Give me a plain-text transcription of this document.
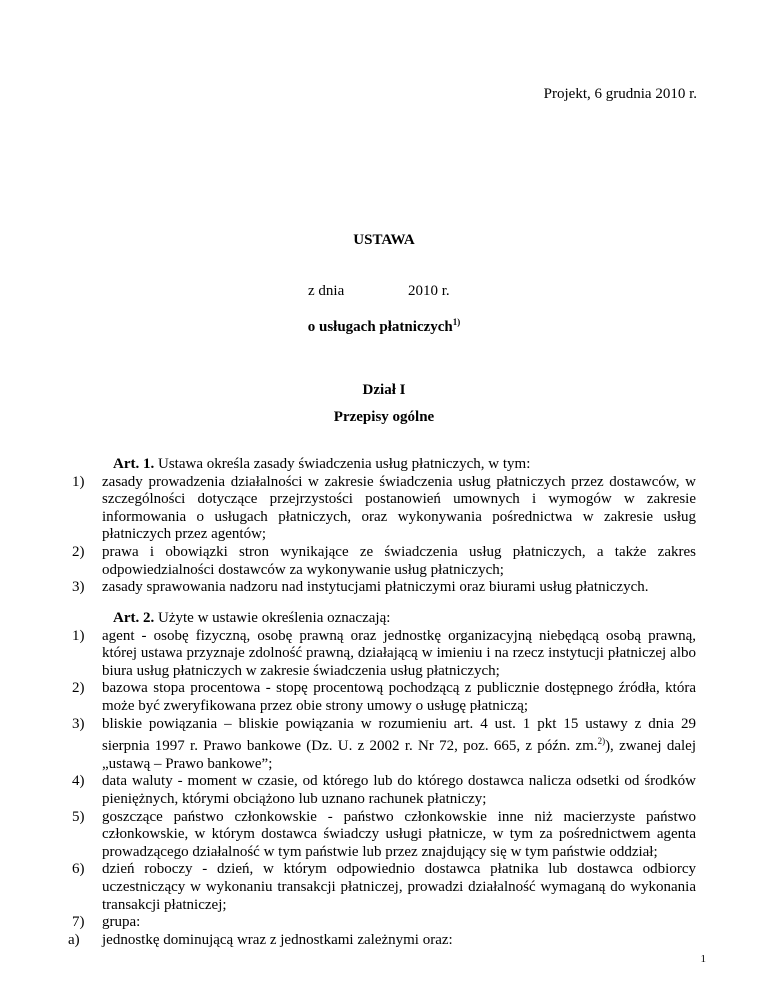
Projekt, 6 grudnia 2010 r.
USTAWA
z dnia	2010 r.
o usługach płatniczych$^{1)}$
Dział I
Przepisy ogólne
Art. 1. Ustawa określa zasady świadczenia usług płatniczych, w tym:
1) zasady prowadzenia działalności w zakresie świadczenia usług płatniczych przez dostawców, w szczególności dotyczące przejrzystości postanowień umownych i wymogów w zakresie informowania o usługach płatniczych, oraz wykonywania pośrednictwa w zakresie usług płatniczych przez agentów;
2) prawa i obowiązki stron wynikające ze świadczenia usług płatniczych, a także zakres odpowiedzialności dostawców za wykonywanie usług płatniczych;
3) zasady sprawowania nadzoru nad instytucjami płatniczymi oraz biurami usług płatniczych.
Art. 2. Użyte w ustawie określenia oznaczają:
1) agent - osobę fizyczną, osobę prawną oraz jednostkę organizacyjną niebędącą osobą prawną, której ustawa przyznaje zdolność prawną, działającą w imieniu i na rzecz instytucji płatniczej albo biura usług płatniczych w zakresie świadczenia usług płatniczych;
2) bazowa stopa procentowa - stopę procentową pochodzącą z publicznie dostępnego źródła, która może być zweryfikowana przez obie strony umowy o usługę płatniczą;
3) bliskie powiązania – bliskie powiązania w rozumieniu art. 4 ust. 1 pkt 15 ustawy z dnia 29 sierpnia 1997 r. Prawo bankowe (Dz. U. z 2002 r. Nr 72, poz. 665, z późn. zm.$^{2)}$), zwanej dalej „ustawą – Prawo bankowe”;
4) data waluty - moment w czasie, od którego lub do którego dostawca nalicza odsetki od środków pieniężnych, którymi obciążono lub uznano rachunek płatniczy;
5) goszczące państwo członkowskie - państwo członkowskie inne niż macierzyste państwo członkowskie, w którym dostawca świadczy usługi płatnicze, w tym za pośrednictwem agenta prowadzącego działalność w tym państwie lub przez znajdujący się w tym państwie oddział;
6) dzień roboczy - dzień, w którym odpowiednio dostawca płatnika lub dostawca odbiorcy uczestniczący w wykonaniu transakcji płatniczej, prowadzi działalność wymaganą do wykonania transakcji płatniczej;
7) grupa:
a) jednostkę dominującą wraz z jednostkami zależnymi oraz:
1
